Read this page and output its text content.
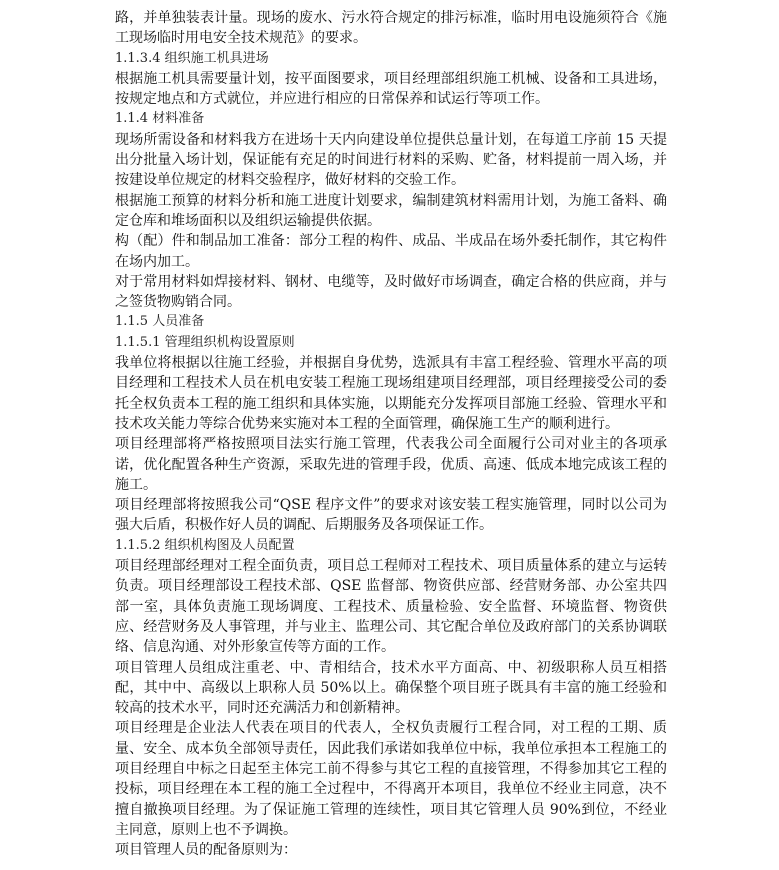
路，并单独装表计量。现场的废水、污水符合规定的排污标准，临时用电设施须符合《施工现场临时用电安全技术规范》的要求。
1.1.3.4 组织施工机具进场
根据施工机具需要量计划，按平面图要求，项目经理部组织施工机械、设备和工具进场，按规定地点和方式就位，并应进行相应的日常保养和试运行等项工作。
1.1.4 材料准备
现场所需设备和材料我方在进场十天内向建设单位提供总量计划，在每道工序前 15 天提出分批量入场计划，保证能有充足的时间进行材料的采购、贮备，材料提前一周入场，并按建设单位规定的材料交验程序，做好材料的交验工作。
根据施工预算的材料分析和施工进度计划要求，编制建筑材料需用计划，为施工备料、确定仓库和堆场面积以及组织运输提供依据。
构（配）件和制品加工准备：部分工程的构件、成品、半成品在场外委托制作，其它构件在场内加工。
对于常用材料如焊接材料、钢材、电缆等，及时做好市场调查，确定合格的供应商，并与之签货物购销合同。
1.1.5 人员准备
1.1.5.1 管理组织机构设置原则
我单位将根据以往施工经验，并根据自身优势，选派具有丰富工程经验、管理水平高的项目经理和工程技术人员在机电安装工程施工现场组建项目经理部，项目经理接受公司的委托全权负责本工程的施工组织和具体实施，以期能充分发挥项目部施工经验、管理水平和技术攻关能力等综合优势来实施对本工程的全面管理，确保施工生产的顺利进行。
项目经理部将严格按照项目法实行施工管理，代表我公司全面履行公司对业主的各项承诺，优化配置各种生产资源，采取先进的管理手段，优质、高速、低成本地完成该工程的施工。
项目经理部将按照我公司“QSE 程序文件”的要求对该安装工程实施管理，同时以公司为强大后盾，积极作好人员的调配、后期服务及各项保证工作。
1.1.5.2 组织机构图及人员配置
项目经理部经理对工程全面负责，项目总工程师对工程技术、项目质量体系的建立与运转负责。项目经理部设工程技术部、QSE 监督部、物资供应部、经营财务部、办公室共四部一室，具体负责施工现场调度、工程技术、质量检验、安全监督、环境监督、物资供应、经营财务及人事管理，并与业主、监理公司、其它配合单位及政府部门的关系协调联络、信息沟通、对外形象宣传等方面的工作。
项目管理人员组成注重老、中、青相结合，技术水平方面高、中、初级职称人员互相搭配，其中中、高级以上职称人员 50%以上。确保整个项目班子既具有丰富的施工经验和较高的技术水平，同时还充满活力和创新精神。
项目经理是企业法人代表在项目的代表人，全权负责履行工程合同，对工程的工期、质量、安全、成本负全部领导责任，因此我们承诺如我单位中标，我单位承担本工程施工的项目经理自中标之日起至主体完工前不得参与其它工程的直接管理，不得参加其它工程的投标，项目经理在本工程的施工全过程中，不得离开本项目，我单位不经业主同意，决不擅自撤换项目经理。为了保证施工管理的连续性，项目其它管理人员 90%到位，不经业主同意，原则上也不予调换。
项目管理人员的配备原则为：
